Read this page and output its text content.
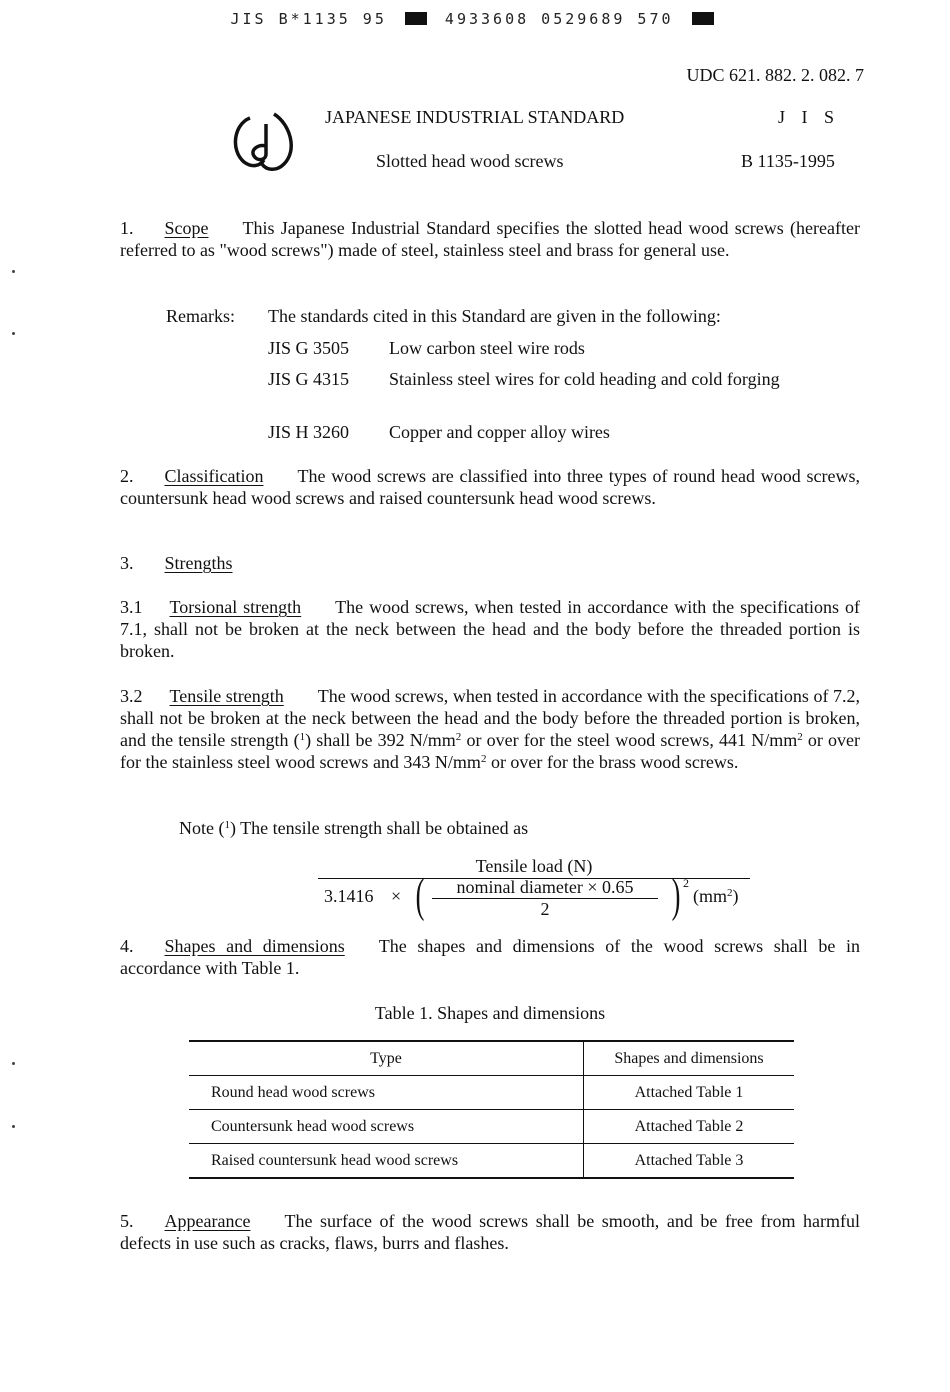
JIS B*1135 95	4933608 0529689 570
UDC 621. 882. 2. 082. 7
JAPANESE INDUSTRIAL STANDARD	J I S
Slotted head wood screws	B 1135-1995
1. Scope This Japanese Industrial Standard specifies the slotted head wood screws (hereafter referred to as "wood screws") made of steel, stainless steel and brass for general use.
Remarks: The standards cited in this Standard are given in the following:
JIS G 3505 Low carbon steel wire rods
JIS G 4315 Stainless steel wires for cold heading and cold forging
JIS H 3260 Copper and copper alloy wires
2. Classification The wood screws are classified into three types of round head wood screws, countersunk head wood screws and raised countersunk head wood screws.
3. Strengths
3.1 Torsional strength The wood screws, when tested in accordance with the specifications of 7.1, shall not be broken at the neck between the head and the body before the threaded portion is broken.
3.2 Tensile strength The wood screws, when tested in accordance with the specifications of 7.2, shall not be broken at the neck between the head and the body before the threaded portion is broken, and the tensile strength ($^1$) shall be 392 $N/mm^2$ or over for the steel wood screws, 441 $N/mm^2$ or over for the stainless steel wood screws and 343 $N/mm^2$ or over for the brass wood screws.
Note ($^1$) The tensile strength shall be obtained as
Tensile load (N)
3.1416 × (	nominal diameter × 0.65
2	) 2
$(mm^2)$
4. Shapes and dimensions The shapes and dimensions of the wood screws shall be in accordance with Table 1.
Table 1. Shapes and dimensions
Type	Shapes and dimensions
Round head wood screws	Attached Table 1
Countersunk head wood screws	Attached Table 2
Raised countersunk head wood screws	Attached Table 3
5. Appearance The surface of the wood screws shall be smooth, and be free from harmful defects in use such as cracks, flaws, burrs and flashes.
